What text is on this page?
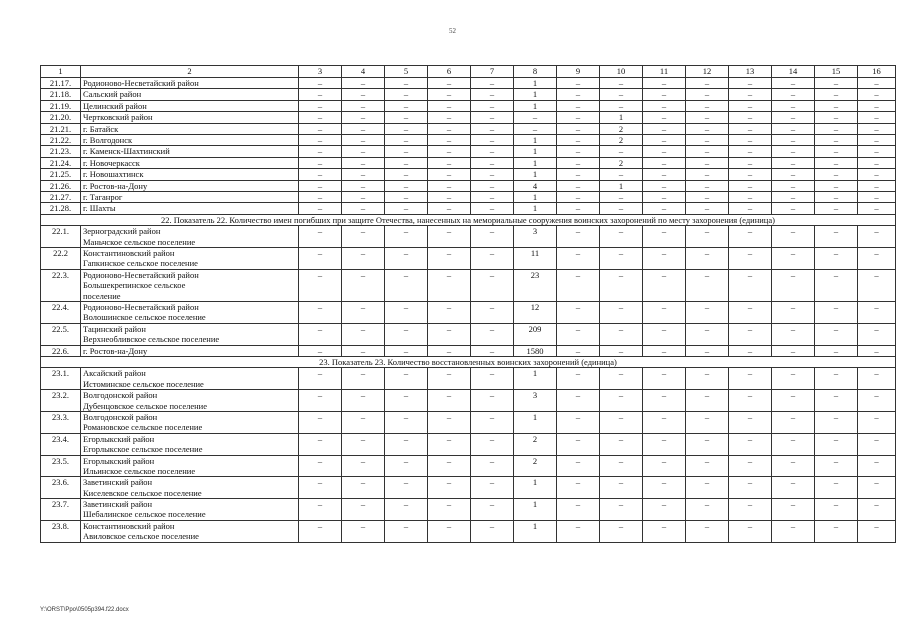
52
1	2	3	4	5	6	7	8	9	10	11	12	13	14	15	16
21.17.	Родионово-Несветайский район	–	–	–	–	–	1	–	–	–	–	–	–	–	–
21.18.	Сальский район	–	–	–	–	–	1	–	–	–	–	–	–	–	–
21.19.	Целинский район	–	–	–	–	–	1	–	–	–	–	–	–	–	–
21.20.	Чертковский район	–	–	–	–	–	–	–	1	–	–	–	–	–	–
21.21.	г. Батайск	–	–	–	–	–	–	–	2	–	–	–	–	–	–
21.22.	г. Волгодонск	–	–	–	–	–	1	–	2	–	–	–	–	–	–
21.23.	г. Каменск-Шахтинский	–	–	–	–	–	1	–	–	–	–	–	–	–	–
21.24.	г. Новочеркасск	–	–	–	–	–	1	–	2	–	–	–	–	–	–
21.25.	г. Новошахтинск	–	–	–	–	–	1	–	–	–	–	–	–	–	–
21.26.	г. Ростов-на-Дону	–	–	–	–	–	4	–	1	–	–	–	–	–	–
21.27.	г. Таганрог	–	–	–	–	–	1	–	–	–	–	–	–	–	–
21.28.	г. Шахты	–	–	–	–	–	1	–	–	–	–	–	–	–	–
22. Показатель 22. Количество имен погибших при защите Отечества, нанесенных на мемориальные сооружения воинских захоронений по месту захоронения (единица)															
22.1.	Зерноградский район
Маньчское сельское поселение	–	–	–	–	–	3	–	–	–	–	–	–	–	–
22.2	Константиновский район
Гапкинское сельское поселение	–	–	–	–	–	11	–	–	–	–	–	–	–	–
22.3.	Родионово-Несветайский район
Большекрепинское сельское
поселение	–	–	–	–	–	23	–	–	–	–	–	–	–	–
22.4.	Родионово-Несветайский район
Волошинское сельское поселение	–	–	–	–	–	12	–	–	–	–	–	–	–	–
22.5.	Тацинский район
Верхнеобливское сельское поселение	–	–	–	–	–	209	–	–	–	–	–	–	–	–
22.6.	г. Ростов-на-Дону	–	–	–	–	–	1580	–	–	–	–	–	–	–	–
23. Показатель 23. Количество восстановленных воинских захоронений (единица)															
23.1.	Аксайский район
Истоминское сельское поселение	–	–	–	–	–	1	–	–	–	–	–	–	–	–
23.2.	Волгодонской район
Дубенцовское сельское поселение	–	–	–	–	–	3	–	–	–	–	–	–	–	–
23.3.	Волгодонской район
Романовское сельское поселение	–	–	–	–	–	1	–	–	–	–	–	–	–	–
23.4.	Егорлыкский район
Егорлыкское сельское поселение	–	–	–	–	–	2	–	–	–	–	–	–	–	–
23.5.	Егорлыкский район
Ильинское сельское поселение	–	–	–	–	–	2	–	–	–	–	–	–	–	–
23.6.	Заветинский район
Киселевское сельское поселение	–	–	–	–	–	1	–	–	–	–	–	–	–	–
23.7.	Заветинский район
Шебалинское сельское поселение	–	–	–	–	–	1	–	–	–	–	–	–	–	–
23.8.	Константиновский район
Авиловское сельское поселение	–	–	–	–	–	1	–	–	–	–	–	–	–	–
Y:\ORST\Ppo\0505p394.f22.docx
